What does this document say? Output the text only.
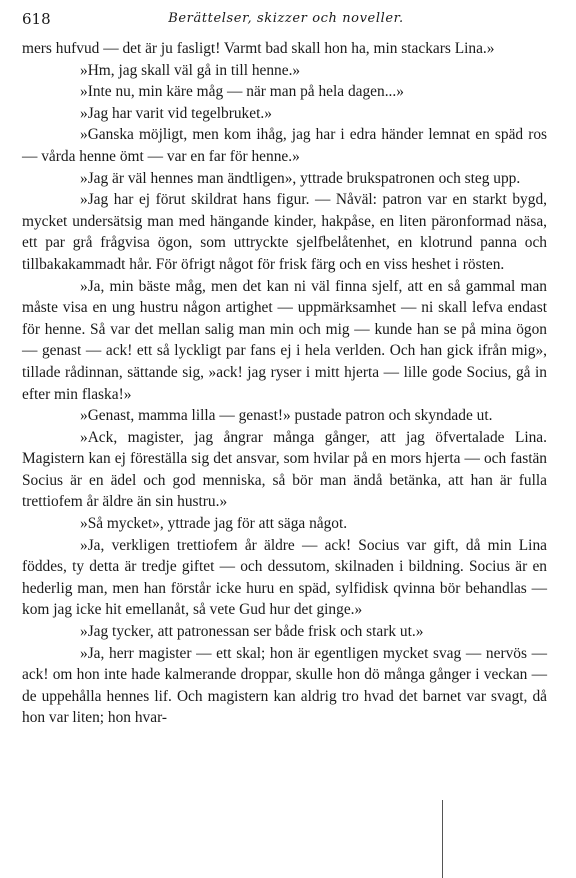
618	Berättelser, skizzer och noveller.

mers hufvud — det är ju fasligt! Varmt bad skall hon ha, min stackars Lina.»

»Hm, jag skall väl gå in till henne.»

»Inte nu, min käre måg — när man på hela dagen...»

»Jag har varit vid tegelbruket.»

»Ganska möjligt, men kom ihåg, jag har i edra händer lemnat en späd ros — vårda henne ömt — var en far för henne.»

»Jag är väl hennes man ändtligen», yttrade brukspatronen och steg upp.

»Jag har ej förut skildrat hans figur. — Nåväl: patron var en starkt bygd, mycket undersätsig man med hängande kinder, hakpåse, en liten päronformad näsa, ett par grå frågvisa ögon, som uttryckte sjelfbelåtenhet, en klotrund panna och tillbakakammadt hår. För öfrigt något för frisk färg och en viss heshet i rösten.

»Ja, min bäste måg, men det kan ni väl finna sjelf, att en så gammal man måste visa en ung hustru någon artighet — uppmärksamhet — ni skall lefva endast för henne. Så var det mellan salig man min och mig — kunde han se på mina ögon — genast — ack! ett så lyckligt par fans ej i hela verlden. Och han gick ifrån mig», tillade rådinnan, sättande sig, »ack! jag ryser i mitt hjerta — lille gode Socius, gå in efter min flaska!»

»Genast, mamma lilla — genast!» pustade patron och skyndade ut.

»Ack, magister, jag ångrar många gånger, att jag öfvertalade Lina. Magistern kan ej föreställa sig det ansvar, som hvilar på en mors hjerta — och fastän Socius är en ädel och god menniska, så bör man ändå betänka, att han är fulla trettiofem år äldre än sin hustru.»

»Så mycket», yttrade jag för att säga något.

»Ja, verkligen trettiofem år äldre — ack! Socius var gift, då min Lina föddes, ty detta är tredje giftet — och dessutom, skilnaden i bildning. Socius är en hederlig man, men han förstår icke huru en späd, sylfidisk qvinna bör behandlas — kom jag icke hit emellanåt, så vete Gud hur det ginge.»

»Jag tycker, att patronessan ser både frisk och stark ut.»

»Ja, herr magister — ett skal; hon är egentligen mycket svag — nervös — ack! om hon inte hade kalmerande droppar, skulle hon dö många gånger i veckan — de uppehålla hennes lif. Och magistern kan aldrig tro hvad det barnet var svagt, då hon var liten; hon hvar-
